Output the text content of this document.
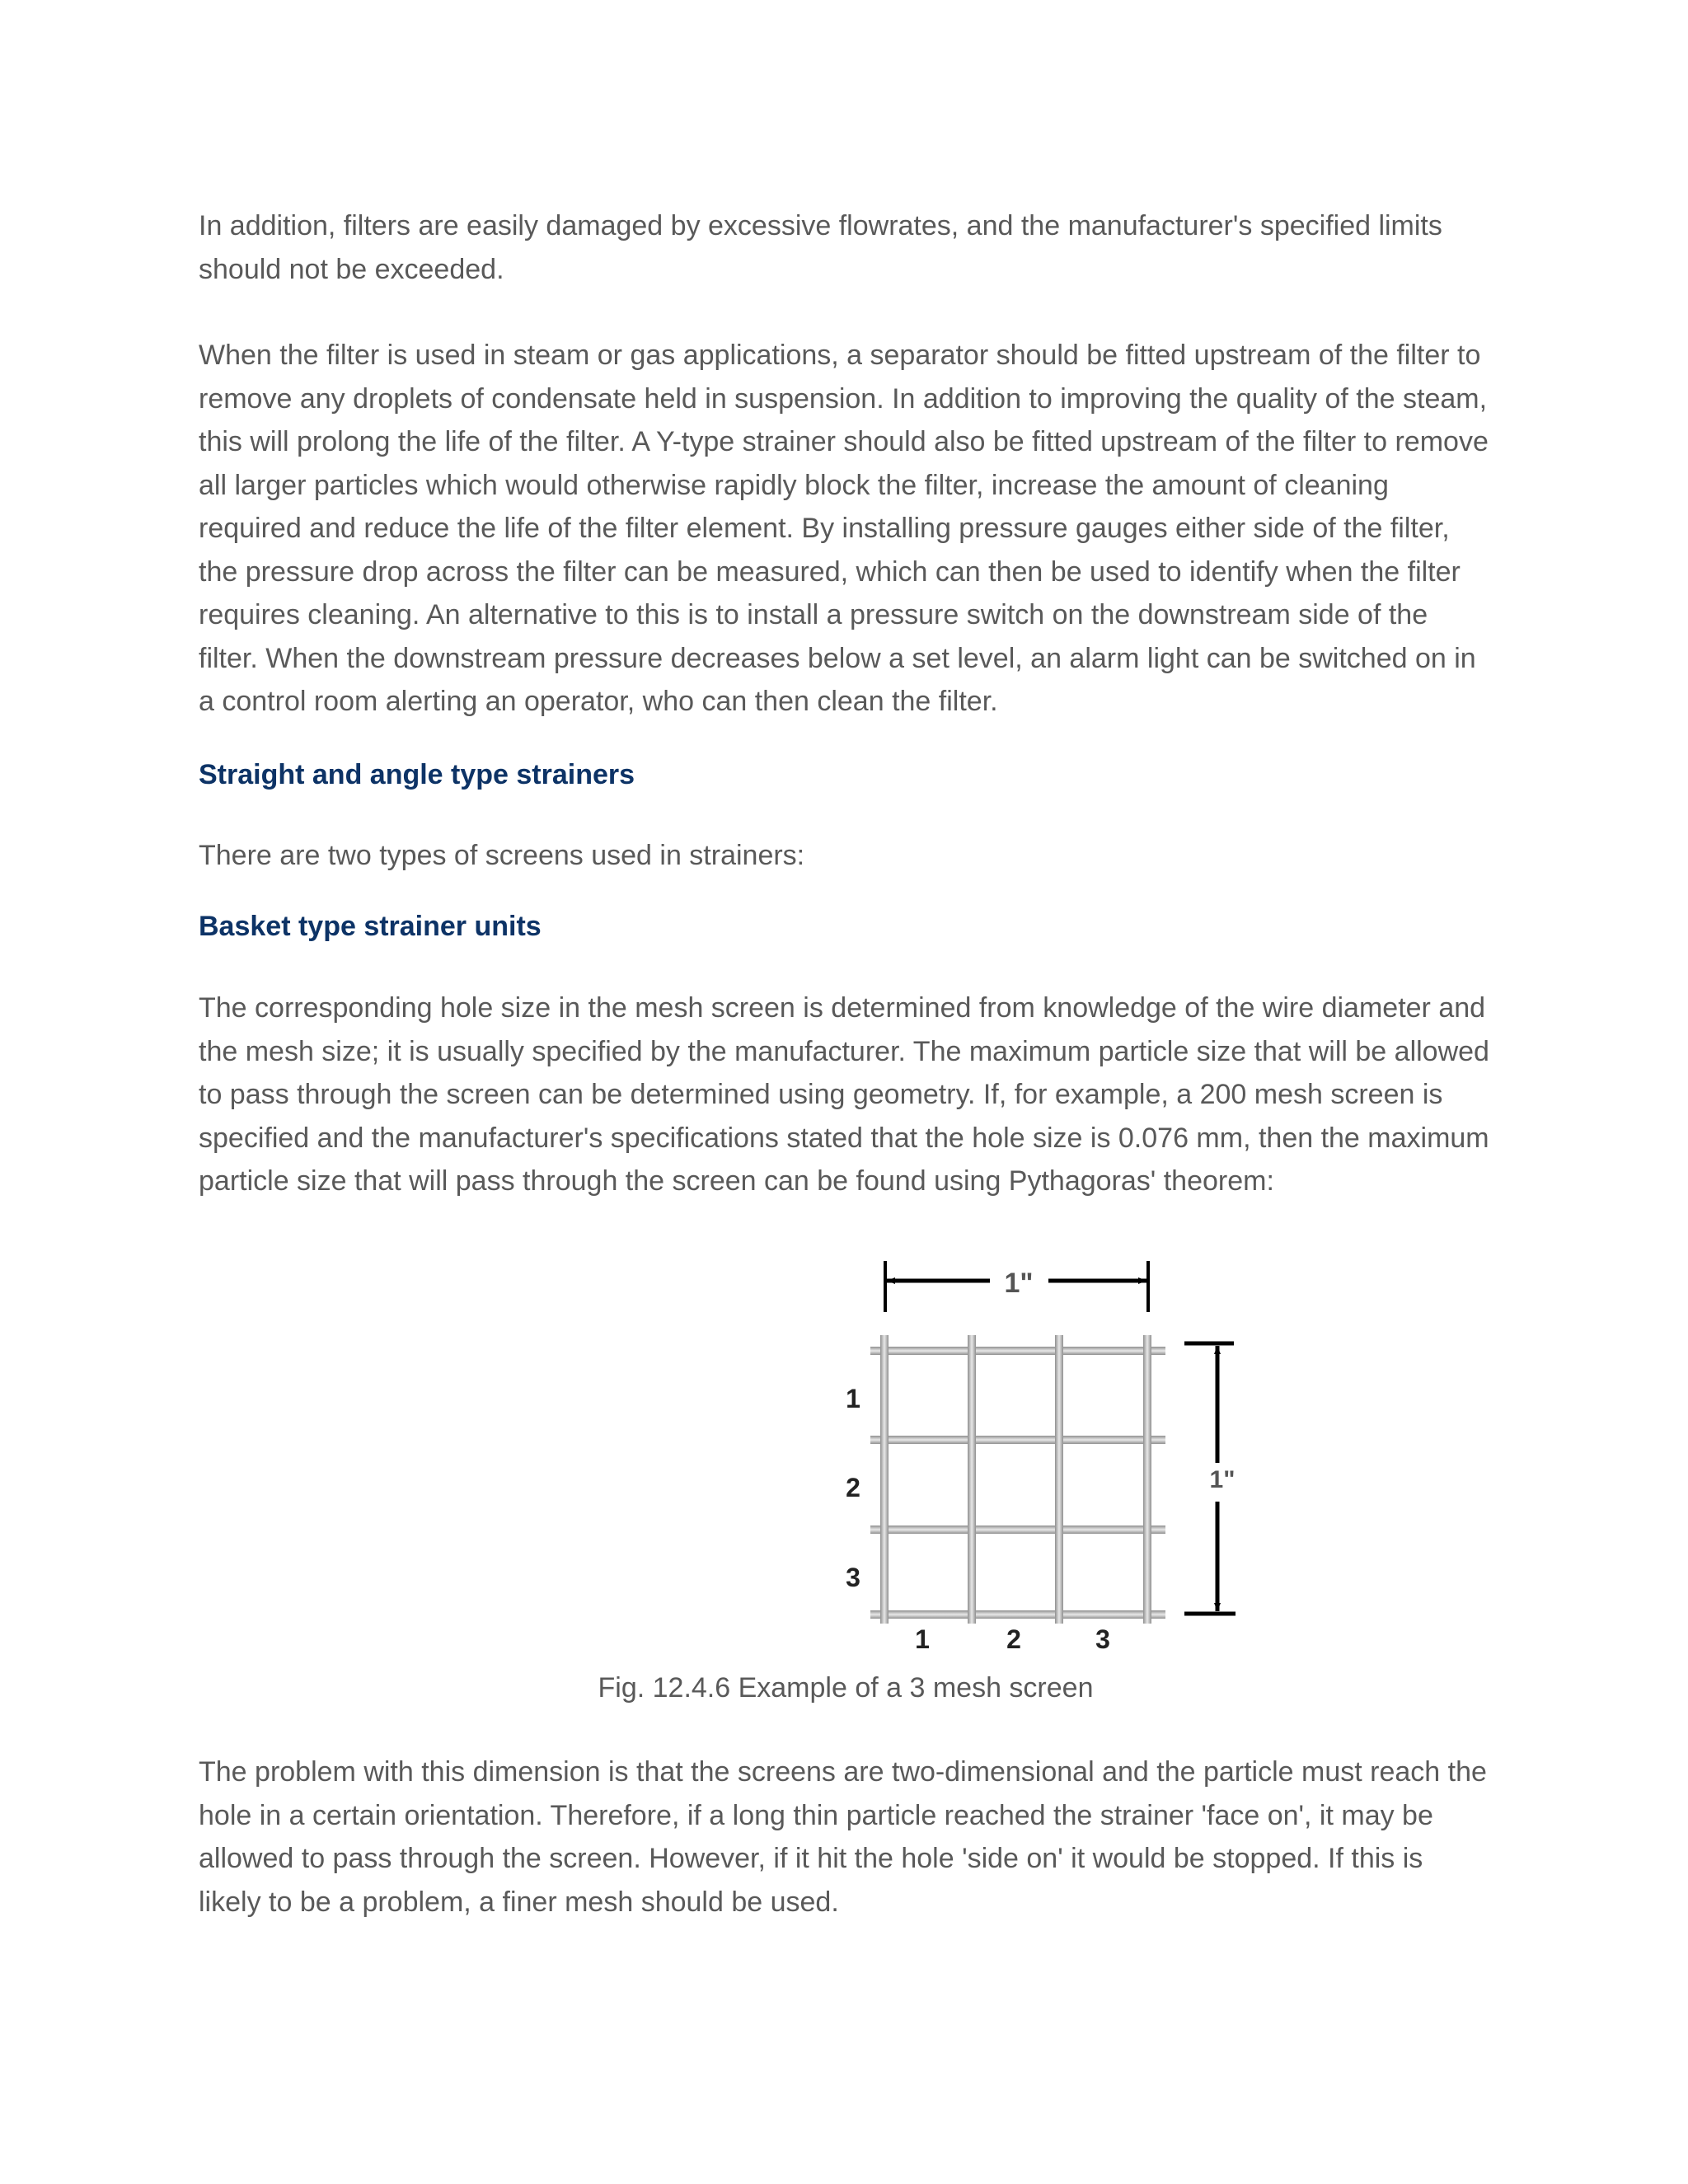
In addition, filters are easily damaged by excessive flowrates, and the manufacturer's specified limits should not be exceeded.

When the filter is used in steam or gas applications, a separator should be fitted upstream of the filter to remove any droplets of condensate held in suspension. In addition to improving the quality of the steam, this will prolong the life of the filter. A Y-type strainer should also be fitted upstream of the filter to remove all larger particles which would otherwise rapidly block the filter, increase the amount of cleaning required and reduce the life of the filter element. By installing pressure gauges either side of the filter, the pressure drop across the filter can be measured, which can then be used to identify when the filter requires cleaning. An alternative to this is to install a pressure switch on the downstream side of the filter. When the downstream pressure decreases below a set level, an alarm light can be switched on in a control room alerting an operator, who can then clean the filter.

Straight and angle type strainers

There are two types of screens used in strainers:

Basket type strainer units

The corresponding hole size in the mesh screen is determined from knowledge of the wire diameter and the mesh size; it is usually specified by the manufacturer. The maximum particle size that will be allowed to pass through the screen can be determined using geometry. If, for example, a 200 mesh screen is specified and the manufacturer's specifications stated that the hole size is 0.076 mm, then the maximum particle size that will pass through the screen can be found using Pythagoras' theorem:

1"
1"
1
2
3
1	2	3
Fig. 12.4.6 Example of a 3 mesh screen

The problem with this dimension is that the screens are two-dimensional and the particle must reach the hole in a certain orientation. Therefore, if a long thin particle reached the strainer 'face on', it may be allowed to pass through the screen. However, if it hit the hole 'side on' it would be stopped. If this is likely to be a problem, a finer mesh should be used.
